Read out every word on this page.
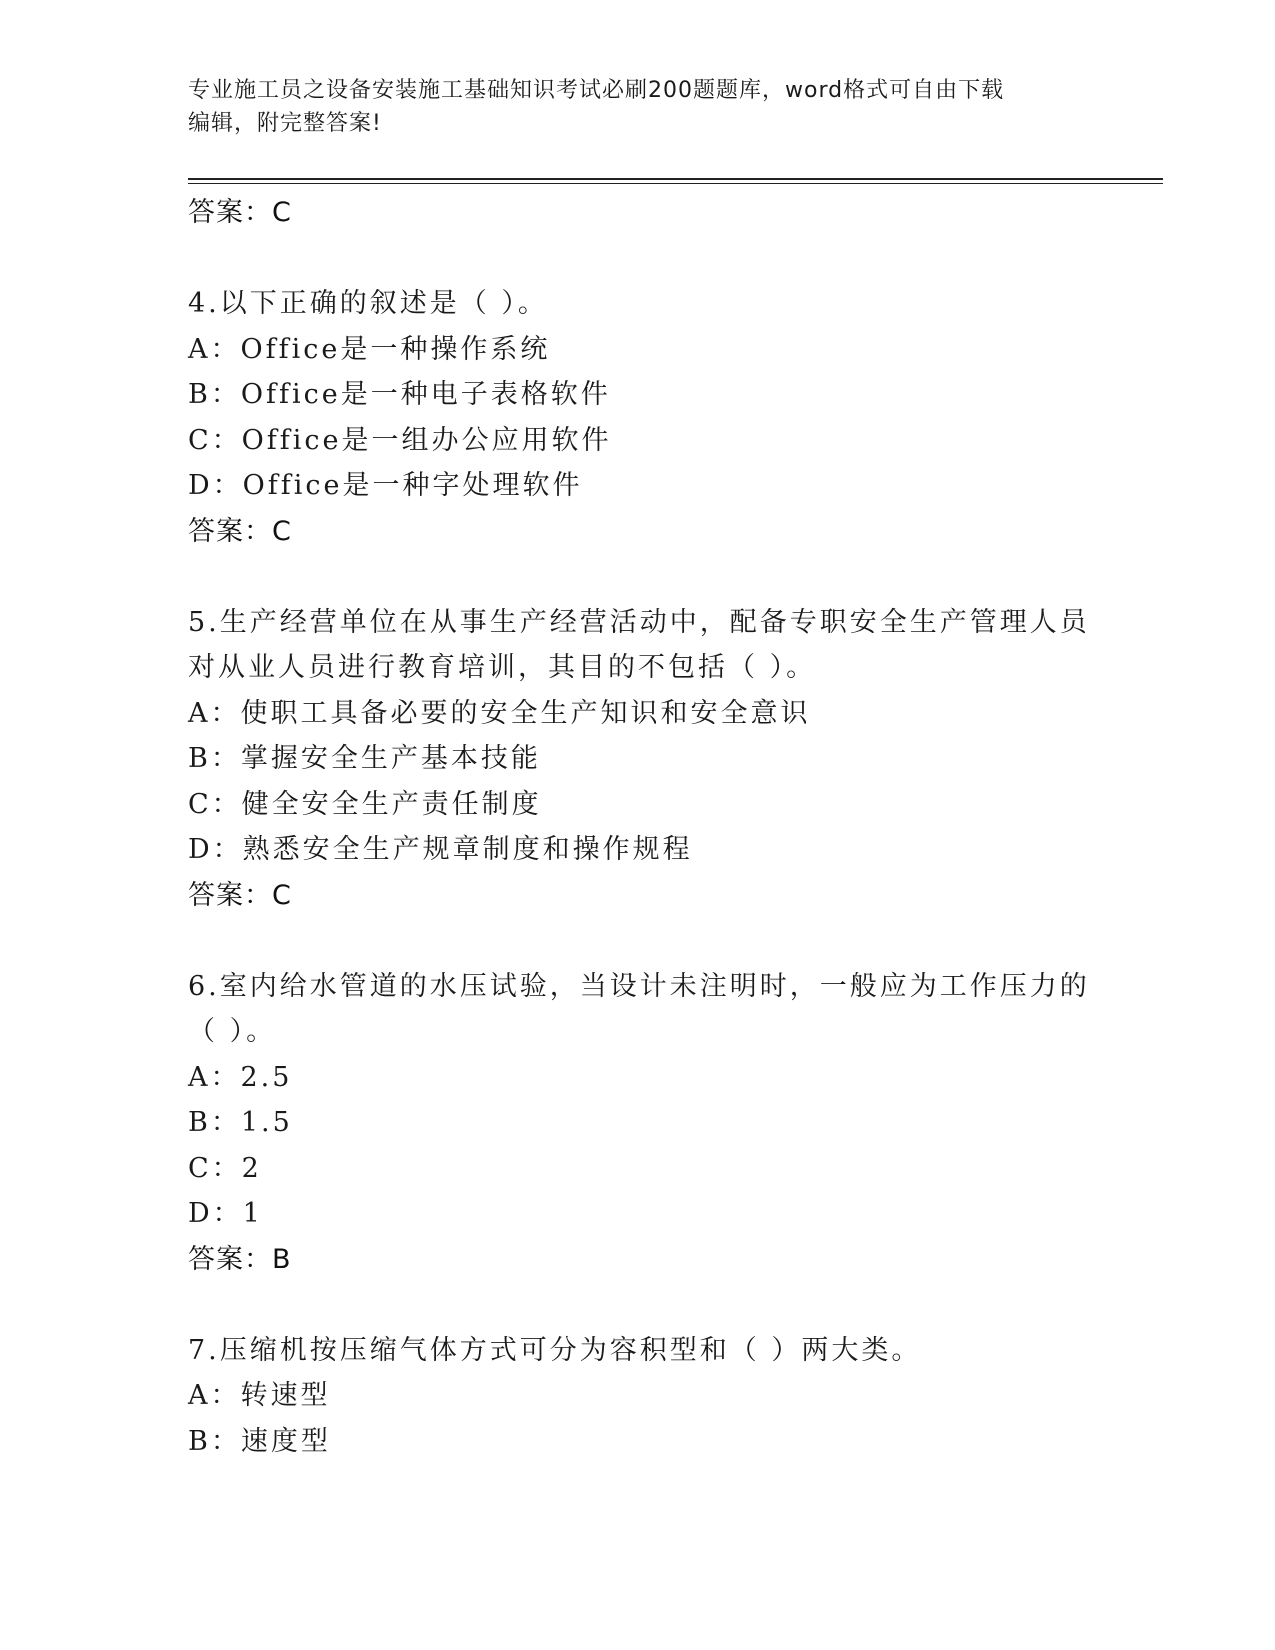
专业施工员之设备安装施工基础知识考试必刷200题题库，word格式可自由下载
编辑，附完整答案!
答案：C
4.以下正确的叙述是（ ）。
A：Office是一种操作系统
B：Office是一种电子表格软件
C：Office是一组办公应用软件
D：Office是一种字处理软件
答案：C
5.生产经营单位在从事生产经营活动中，配备专职安全生产管理人员
对从业人员进行教育培训，其目的不包括（ ）。
A：使职工具备必要的安全生产知识和安全意识
B：掌握安全生产基本技能
C：健全安全生产责任制度
D：熟悉安全生产规章制度和操作规程
答案：C
6.室内给水管道的水压试验，当设计未注明时，一般应为工作压力的
（ ）。
A：2.5
B：1.5
C：2
D：1
答案：B
7.压缩机按压缩气体方式可分为容积型和（ ）两大类。
A：转速型
B：速度型
